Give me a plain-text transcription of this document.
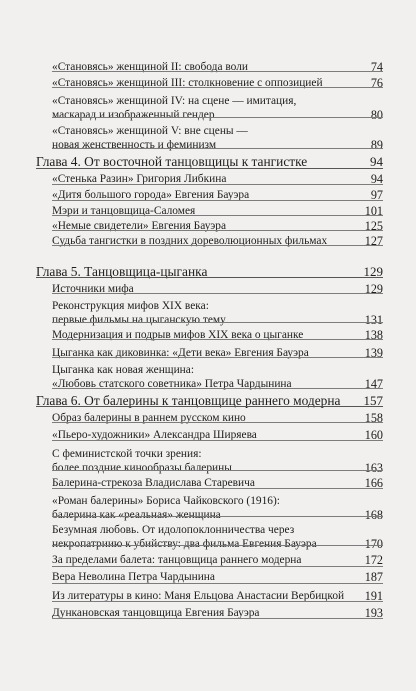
«Становясь» женщиной II: свобода воли	74
«Становясь» женщиной III: столкновение с оппозицией	76
«Становясь» женщиной IV: на сцене — имитация,
маскарад и изображенный гендер	80
«Становясь» женщиной V: вне сцены —
новая женственность и феминизм	89
Глава 4. От восточной танцовщицы к тангистке	94
«Стенька Разин» Григория Либкина	94
«Дитя большого города» Евгения Бауэра	97
Мэри и танцовщица-Саломея	101
«Немые свидетели» Евгения Бауэра	125
Судьба тангистки в поздних дореволюционных фильмах	127
Глава 5. Танцовщица-цыганка	129
Источники мифа	129
Реконструкция мифов XIX века:
первые фильмы на цыганскую тему	131
Модернизация и подрыв мифов XIX века о цыганке	138
Цыганка как диковинка: «Дети века» Евгения Бауэра	139
Цыганка как новая женщина:
«Любовь статского советника» Петра Чардынина	147
Глава 6. От балерины к танцовщице раннего модерна 157
Образ балерины в раннем русском кино	158
«Пьеро-художники» Александра Ширяева	160
С феминистской точки зрения:
более поздние кинообразы балерины	163
Балерина-стрекоза Владислава Старевича	166
«Роман балерины» Бориса Чайковского (1916):
балерина как «реальная» женщина	168
Безумная любовь. От идолопоклонничества через
некропатриию к убийству: два фильма Евгения Бауэра	170
За пределами балета: танцовщица раннего модерна	172
Вера Неволина Петра Чардынина	187
Из литературы в кино: Маня Ельцова Анастасии Вербицкой 191
Дункановская танцовщица Евгения Бауэра	193
